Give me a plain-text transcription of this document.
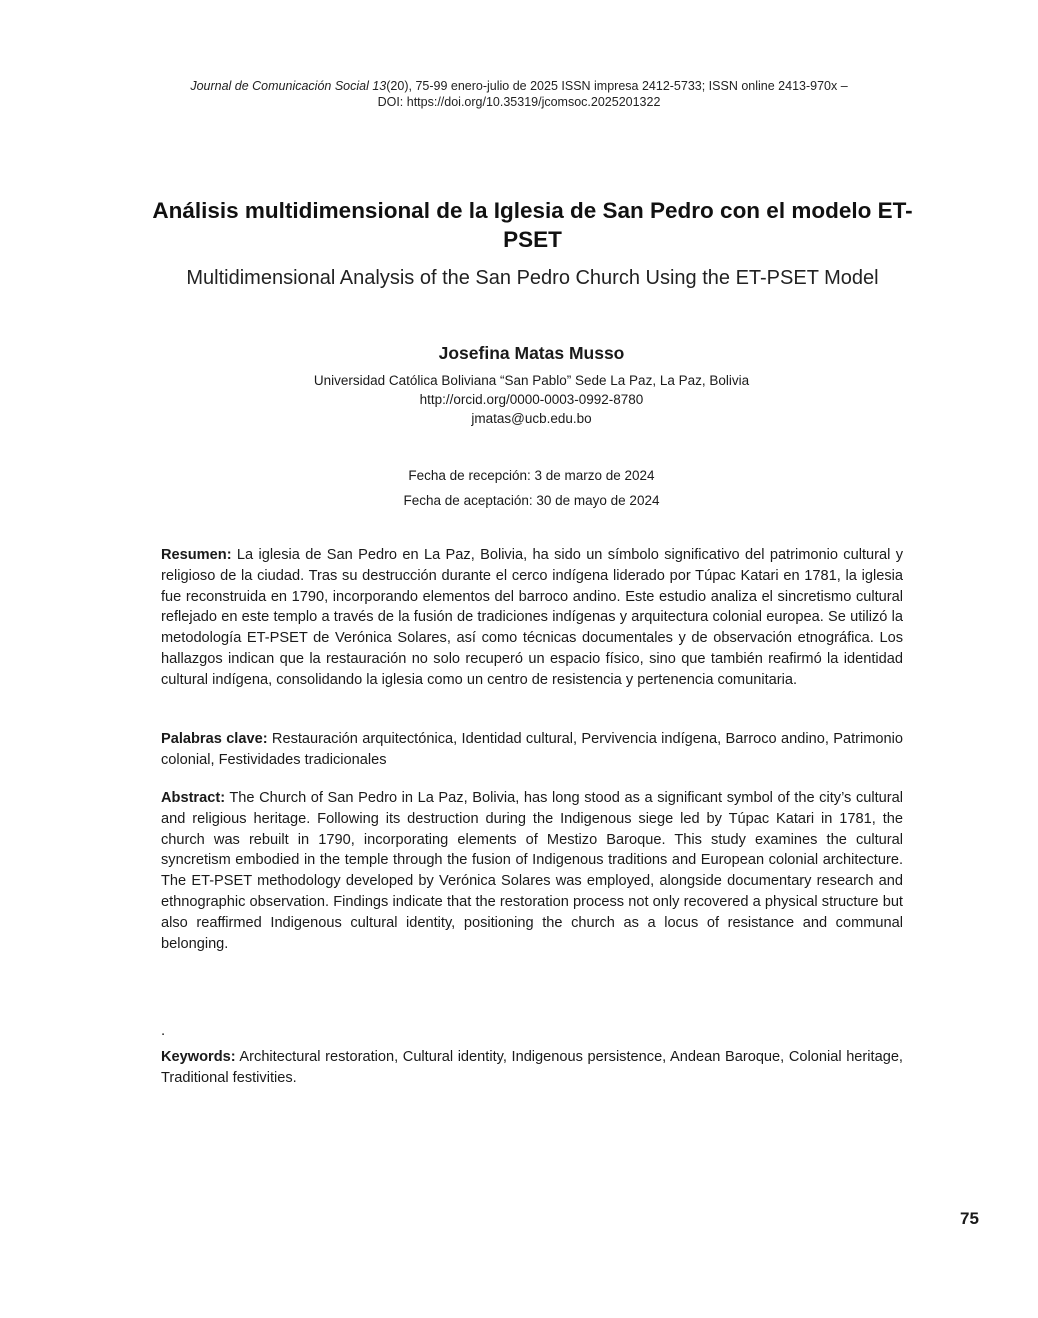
Journal de Comunicación Social 13(20), 75-99 enero-julio de 2025 ISSN impresa 2412-5733; ISSN online 2413-970x –
DOI: https://doi.org/10.35319/jcomsoc.2025201322
Análisis multidimensional de la Iglesia de San Pedro con el modelo ET-PSET
Multidimensional Analysis of the San Pedro Church Using the ET-PSET Model
Josefina Matas Musso
Universidad Católica Boliviana “San Pablo” Sede La Paz, La Paz, Bolivia
http://orcid.org/0000-0003-0992-8780
jmatas@ucb.edu.bo
Fecha de recepción: 3 de marzo de 2024
Fecha de aceptación: 30 de mayo de 2024

Resumen: La iglesia de San Pedro en La Paz, Bolivia, ha sido un símbolo significativo del patrimonio cultural y religioso de la ciudad. Tras su destrucción durante el cerco indígena liderado por Túpac Katari en 1781, la iglesia fue reconstruida en 1790, incorporando elementos del barroco andino. Este estudio analiza el sincretismo cultural reflejado en este templo a través de la fusión de tradiciones indígenas y arquitectura colonial europea. Se utilizó la metodología ET-PSET de Verónica Solares, así como técnicas documentales y de observación etnográfica. Los hallazgos indican que la restauración no solo recuperó un espacio físico, sino que también reafirmó la identidad cultural indígena, consolidando la iglesia como un centro de resistencia y pertenencia comunitaria.

Palabras clave: Restauración arquitectónica, Identidad cultural, Pervivencia indígena, Barroco andino, Patrimonio colonial, Festividades tradicionales

Abstract: The Church of San Pedro in La Paz, Bolivia, has long stood as a significant symbol of the city’s cultural and religious heritage. Following its destruction during the Indigenous siege led by Túpac Katari in 1781, the church was rebuilt in 1790, incorporating elements of Mestizo Baroque. This study examines the cultural syncretism embodied in the temple through the fusion of Indigenous traditions and European colonial architecture. The ET-PSET methodology developed by Verónica Solares was employed, alongside documentary research and ethnographic observation. Findings indicate that the restoration process not only recovered a physical structure but also reaffirmed Indigenous cultural identity, positioning the church as a locus of resistance and communal belonging.

.

Keywords: Architectural restoration, Cultural identity, Indigenous persistence, Andean Baroque, Colonial heritage, Traditional festivities.

75
